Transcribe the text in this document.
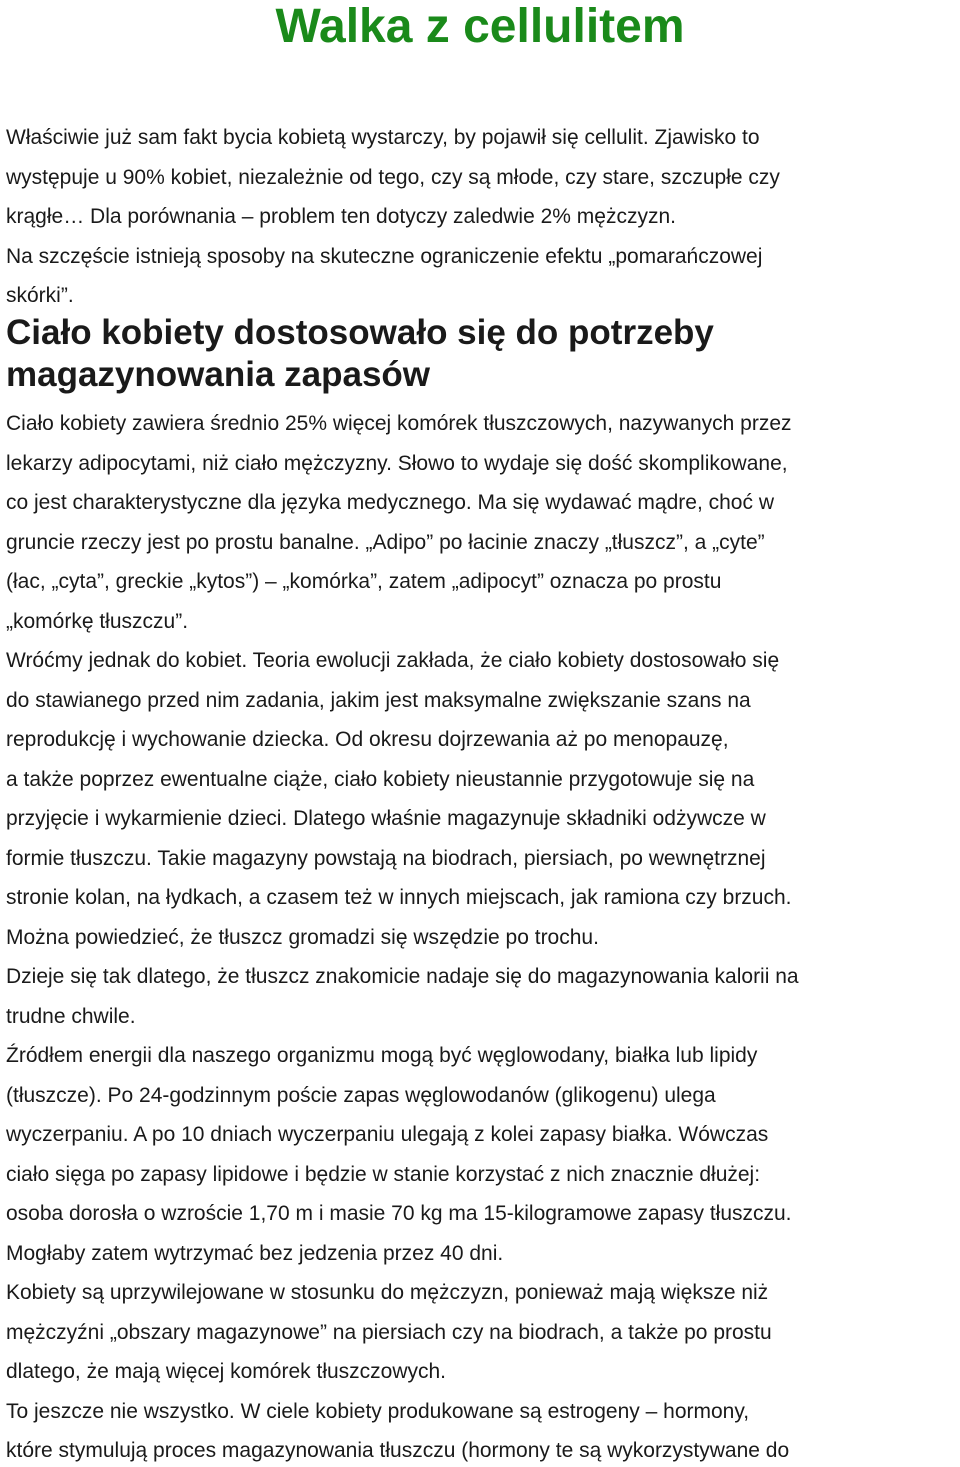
Walka z cellulitem
Właściwie już sam fakt bycia kobietą wystarczy, by pojawił się cellulit. Zjawisko to
występuje u 90% kobiet, niezależnie od tego, czy są młode, czy stare, szczupłe czy
krągłe… Dla porównania – problem ten dotyczy zaledwie 2% mężczyzn.
Na szczęście istnieją sposoby na skuteczne ograniczenie efektu „pomarańczowej
skórki”.
Ciało kobiety dostosowało się do potrzeby
magazynowania zapasów
Ciało kobiety zawiera średnio 25% więcej komórek tłuszczowych, nazywanych przez
lekarzy adipocytami, niż ciało mężczyzny. Słowo to wydaje się dość skomplikowane,
co jest charakterystyczne dla języka medycznego. Ma się wydawać mądre, choć w
gruncie rzeczy jest po prostu banalne. „Adipo” po łacinie znaczy „tłuszcz”, a „cyte”
(łac, „cyta”, greckie „kytos”) – „komórka”, zatem „adipocyt” oznacza po prostu
„komórkę tłuszczu”.
Wróćmy jednak do kobiet. Teoria ewolucji zakłada, że ciało kobiety dostosowało się
do stawianego przed nim zadania, jakim jest maksymalne zwiększanie szans na
reprodukcję i wychowanie dziecka. Od okresu dojrzewania aż po menopauzę,
a także poprzez ewentualne ciąże, ciało kobiety nieustannie przygotowuje się na
przyjęcie i wykarmienie dzieci. Dlatego właśnie magazynuje składniki odżywcze w
formie tłuszczu. Takie magazyny powstają na biodrach, piersiach, po wewnętrznej
stronie kolan, na łydkach, a czasem też w innych miejscach, jak ramiona czy brzuch.
Można powiedzieć, że tłuszcz gromadzi się wszędzie po trochu.
Dzieje się tak dlatego, że tłuszcz znakomicie nadaje się do magazynowania kalorii na
trudne chwile.
Źródłem energii dla naszego organizmu mogą być węglowodany, białka lub lipidy
(tłuszcze). Po 24-godzinnym poście zapas węglowodanów (glikogenu) ulega
wyczerpaniu. A po 10 dniach wyczerpaniu ulegają z kolei zapasy białka. Wówczas
ciało sięga po zapasy lipidowe i będzie w stanie korzystać z nich znacznie dłużej:
osoba dorosła o wzroście 1,70 m i masie 70 kg ma 15-kilogramowe zapasy tłuszczu.
Mogłaby zatem wytrzymać bez jedzenia przez 40 dni.
Kobiety są uprzywilejowane w stosunku do mężczyzn, ponieważ mają większe niż
mężczyźni „obszary magazynowe” na piersiach czy na biodrach, a także po prostu
dlatego, że mają więcej komórek tłuszczowych.
To jeszcze nie wszystko. W ciele kobiety produkowane są estrogeny – hormony,
które stymulują proces magazynowania tłuszczu (hormony te są wykorzystywane do
